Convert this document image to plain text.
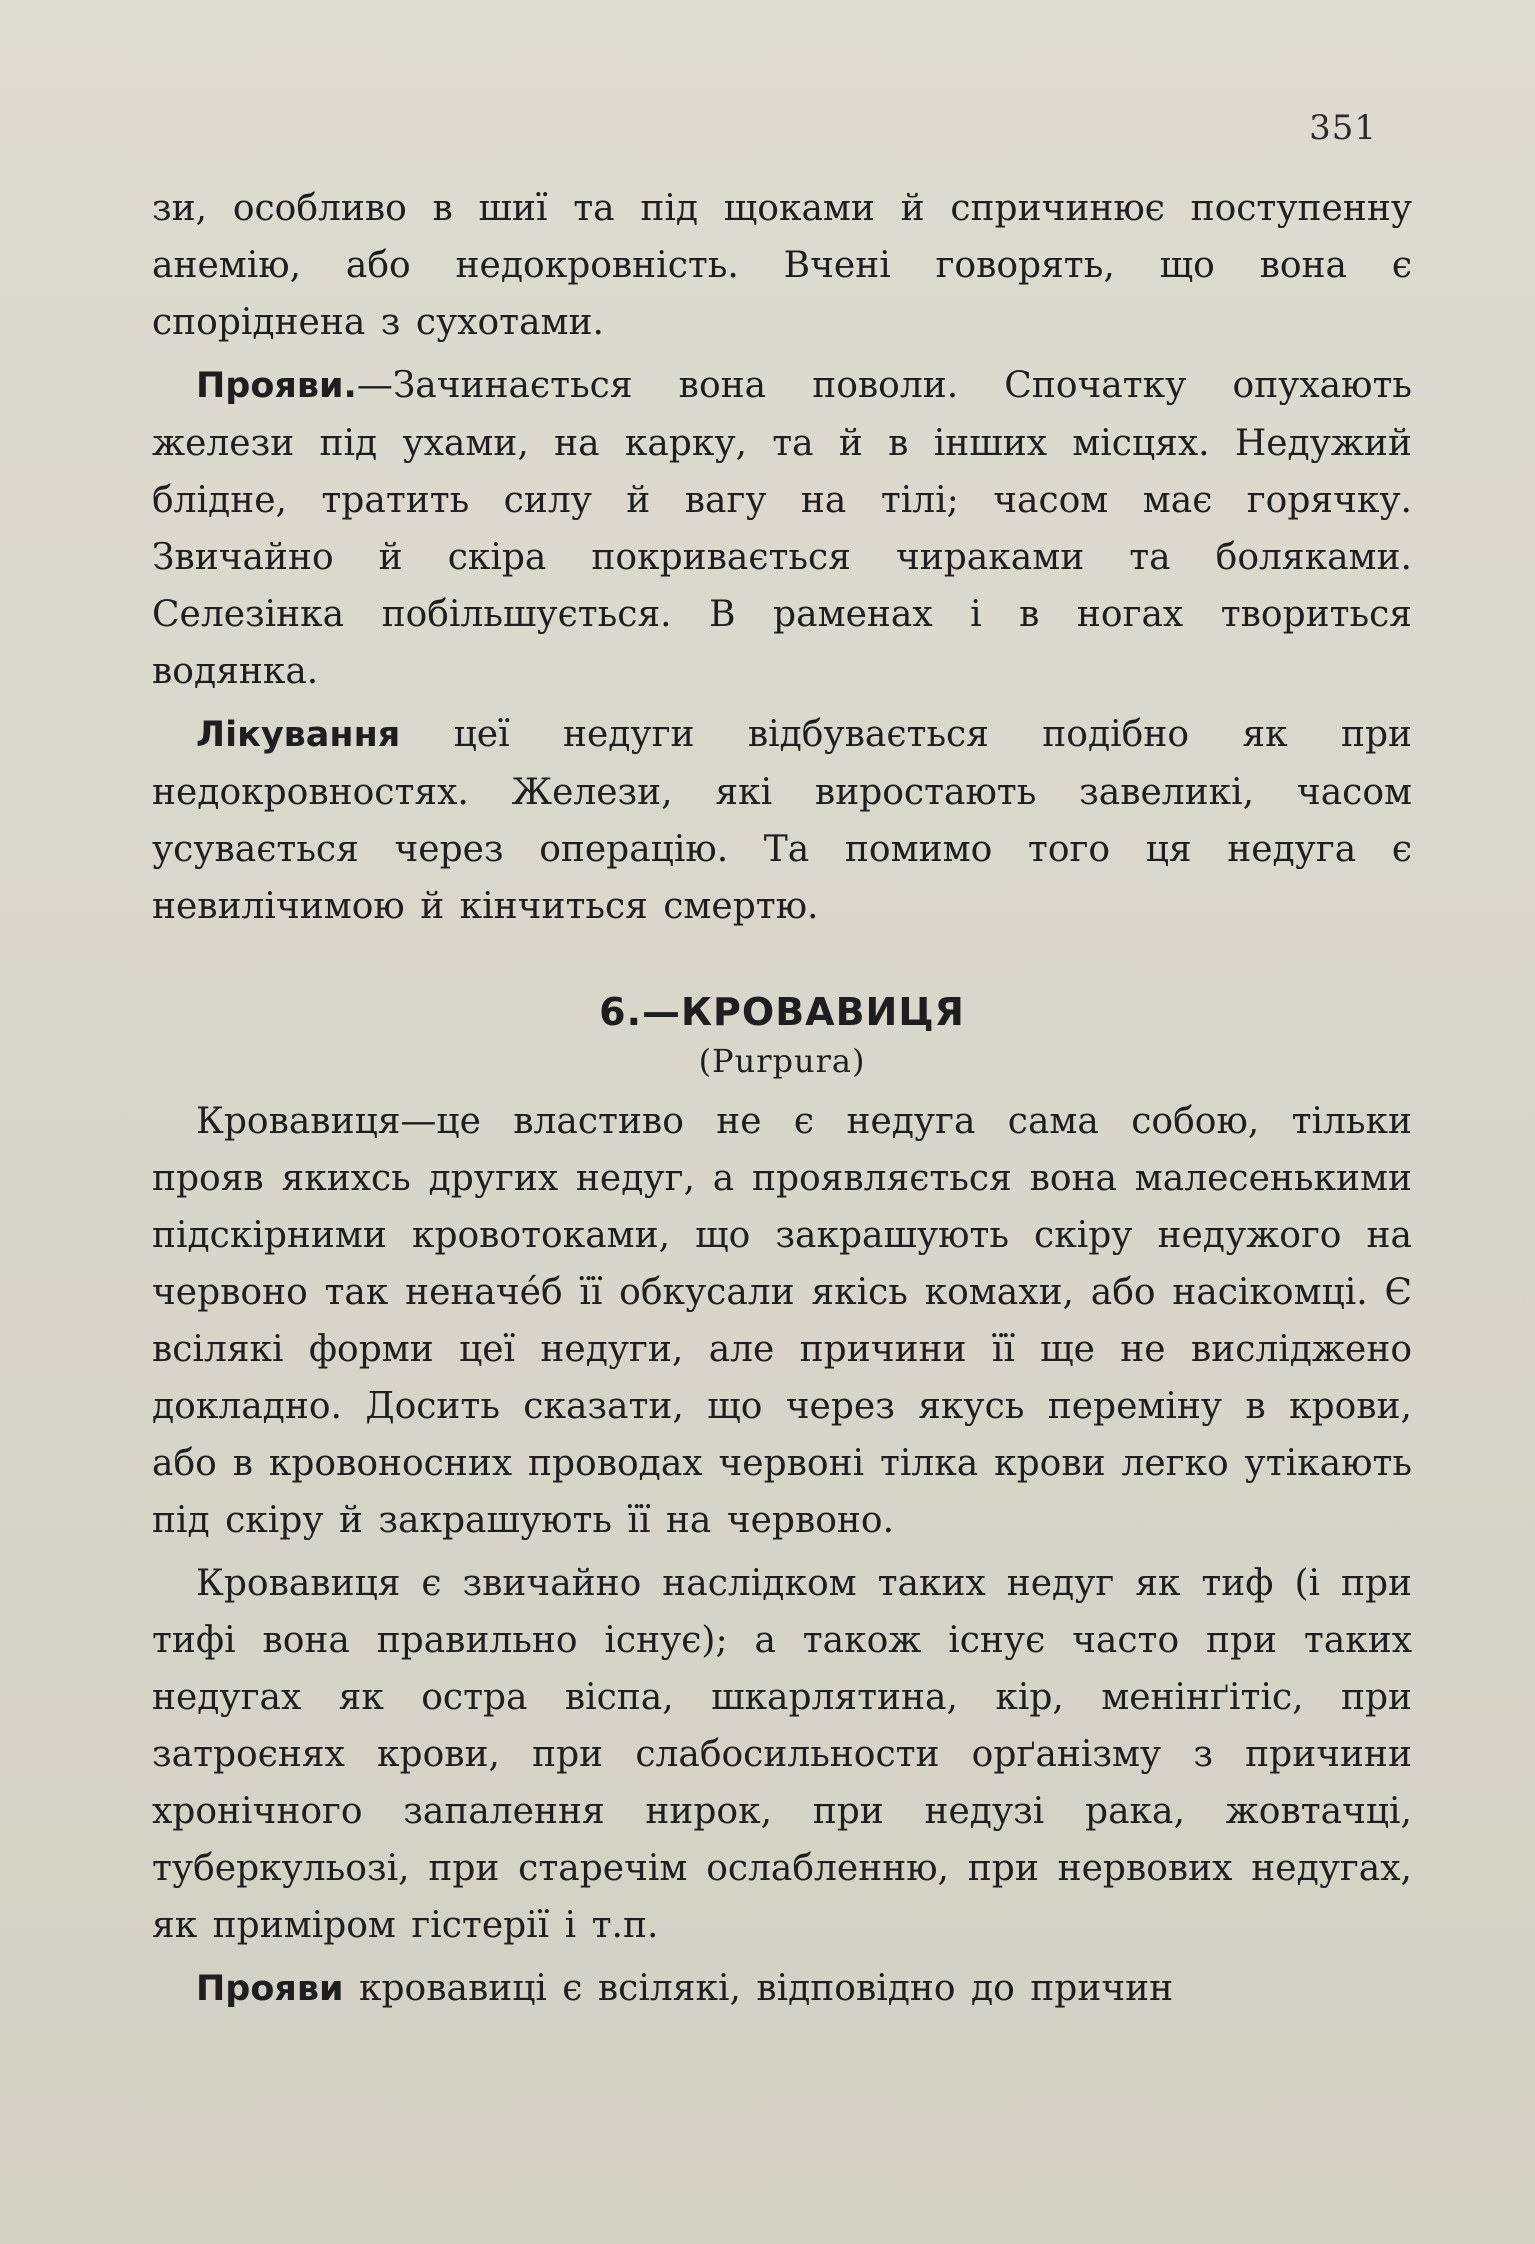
351

зи, особливо в шиї та під щоками й спричинює поступенну анемію, або недокровність. Вчені говорять, що вона є споріднена з сухотами.

Прояви.—Зачинається вона поволи. Спочатку опухають желези під ухами, на карку, та й в інших місцях. Недужий блідне, тратить силу й вагу на тілі; часом має горячку. Звичайно й скіра покривається чираками та боляками. Селезінка побільшується. В раменах і в ногах твориться водянка.

Лікування цеї недуги відбувається подібно як при недокровностях. Желези, які виростають завеликі, часом усувається через операцію. Та помимо того ця недуга є невилічимою й кінчиться смертю.

6.—КРОВАВИЦЯ
(Purpura)

Кровавиця—це властиво не є недуга сама собою, тільки прояв якихсь других недуг, а проявляється вона малесенькими підскірними кровотоками, що закрашують скіру недужого на червоно так неначе́б її обкусали якісь комахи, або насікомці. Є всілякі форми цеї недуги, але причини її ще не висліджено докладно. Досить сказати, що через якусь переміну в крови, або в кровоносних проводах червоні тілка крови легко утікають під скіру й закрашують її на червоно.

Кровавиця є звичайно наслідком таких недуг як тиф (і при тифі вона правильно існує); а також існує часто при таких недугах як остра віспа, шкарлятина, кір, менінґітіс, при затроєнях крови, при слабосильности орґанізму з причини хронічного запалення нирок, при недузі рака, жовтачці, туберкульозі, при старечім ослабленню, при нервових недугах, як приміром гістерії і т.п.

Прояви кровавиці є всілякі, відповідно до причин
